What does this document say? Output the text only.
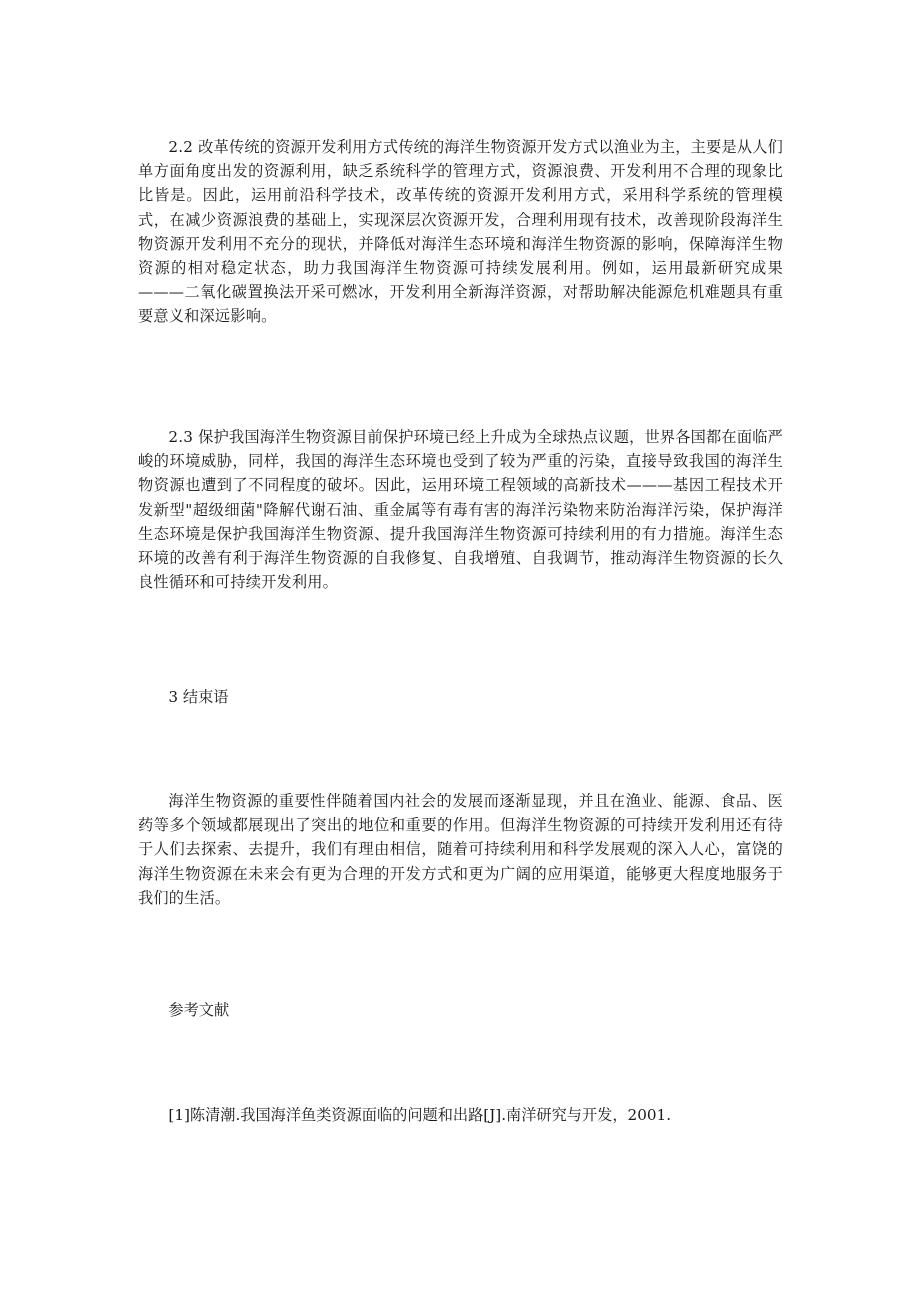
2.2 改革传统的资源开发利用方式传统的海洋生物资源开发方式以渔业为主，主要是从人们单方面角度出发的资源利用，缺乏系统科学的管理方式，资源浪费、开发利用不合理的现象比比皆是。因此，运用前沿科学技术，改革传统的资源开发利用方式，采用科学系统的管理模式，在减少资源浪费的基础上，实现深层次资源开发，合理利用现有技术，改善现阶段海洋生物资源开发利用不充分的现状，并降低对海洋生态环境和海洋生物资源的影响，保障海洋生物资源的相对稳定状态，助力我国海洋生物资源可持续发展利用。例如，运用最新研究成果———二氧化碳置换法开采可燃冰，开发利用全新海洋资源，对帮助解决能源危机难题具有重要意义和深远影响。

2.3 保护我国海洋生物资源目前保护环境已经上升成为全球热点议题，世界各国都在面临严峻的环境威胁，同样，我国的海洋生态环境也受到了较为严重的污染，直接导致我国的海洋生物资源也遭到了不同程度的破坏。因此，运用环境工程领域的高新技术———基因工程技术开发新型"超级细菌"降解代谢石油、重金属等有毒有害的海洋污染物来防治海洋污染，保护海洋生态环境是保护我国海洋生物资源、提升我国海洋生物资源可持续利用的有力措施。海洋生态环境的改善有利于海洋生物资源的自我修复、自我增殖、自我调节，推动海洋生物资源的长久良性循环和可持续开发利用。

3 结束语

海洋生物资源的重要性伴随着国内社会的发展而逐渐显现，并且在渔业、能源、食品、医药等多个领域都展现出了突出的地位和重要的作用。但海洋生物资源的可持续开发利用还有待于人们去探索、去提升，我们有理由相信，随着可持续利用和科学发展观的深入人心，富饶的海洋生物资源在未来会有更为合理的开发方式和更为广阔的应用渠道，能够更大程度地服务于我们的生活。

参考文献

[1]陈清潮.我国海洋鱼类资源面临的问题和出路[J].南洋研究与开发，2001.
